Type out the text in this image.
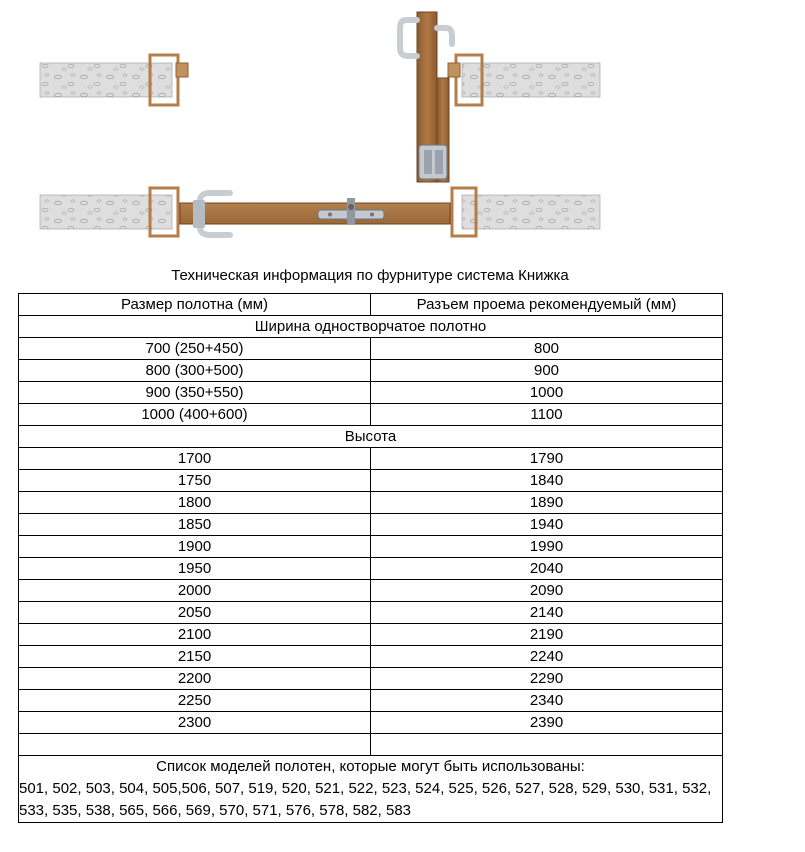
Техническая информация по фурнитуре система Книжка
Размер полотна (мм)	Разъем проема рекомендуемый (мм)
Ширина одностворчатое полотно	
700 (250+450)	800
800 (300+500)	900
900 (350+550)	1000
1000 (400+600)	1100
Высота	
1700	1790
1750	1840
1800	1890
1850	1940
1900	1990
1950	2040
2000	2090
2050	2140
2100	2190
2150	2240
2200	2290
2250	2340
2300	2390

Список моделей полотен, которые могут быть использованы:	
501, 502, 503, 504, 505,506, 507, 519, 520, 521, 522, 523, 524, 525, 526, 527, 528, 529, 530, 531, 532, 533, 535, 538, 565, 566, 569, 570, 571, 576, 578, 582, 583	
